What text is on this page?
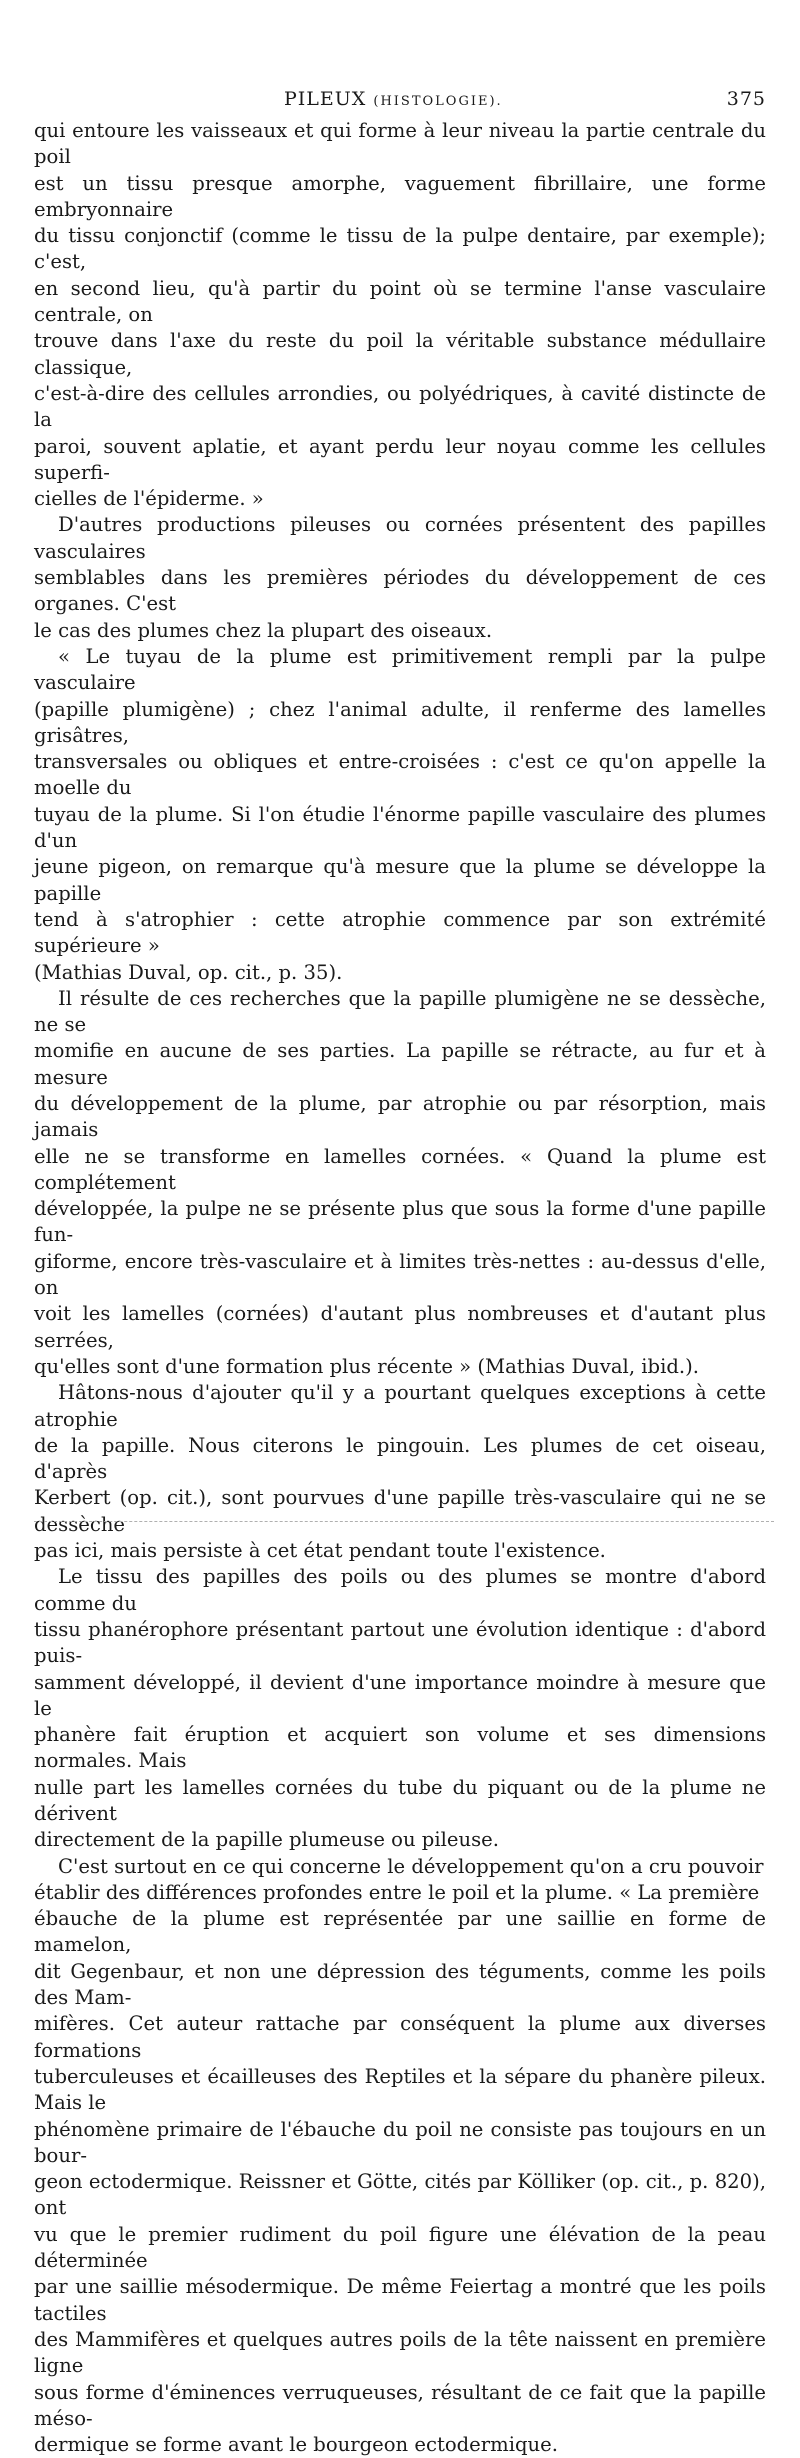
PILEUX (HISTOLOGIE).	375

qui entoure les vaisseaux et qui forme à leur niveau la partie centrale du poil
est un tissu presque amorphe, vaguement fibrillaire, une forme embryonnaire
du tissu conjonctif (comme le tissu de la pulpe dentaire, par exemple); c'est,
en second lieu, qu'à partir du point où se termine l'anse vasculaire centrale, on
trouve dans l'axe du reste du poil la véritable substance médullaire classique,
c'est-à-dire des cellules arrondies, ou polyédriques, à cavité distincte de la
paroi, souvent aplatie, et ayant perdu leur noyau comme les cellules superfi-
cielles de l'épiderme. »

D'autres productions pileuses ou cornées présentent des papilles vasculaires
semblables dans les premières périodes du développement de ces organes. C'est
le cas des plumes chez la plupart des oiseaux.

« Le tuyau de la plume est primitivement rempli par la pulpe vasculaire
(papille plumigène) ; chez l'animal adulte, il renferme des lamelles grisâtres,
transversales ou obliques et entre-croisées : c'est ce qu'on appelle la moelle du
tuyau de la plume. Si l'on étudie l'énorme papille vasculaire des plumes d'un
jeune pigeon, on remarque qu'à mesure que la plume se développe la papille
tend à s'atrophier : cette atrophie commence par son extrémité supérieure »
(Mathias Duval, op. cit., p. 35).

Il résulte de ces recherches que la papille plumigène ne se dessèche, ne se
momifie en aucune de ses parties. La papille se rétracte, au fur et à mesure
du développement de la plume, par atrophie ou par résorption, mais jamais
elle ne se transforme en lamelles cornées. « Quand la plume est complétement
développée, la pulpe ne se présente plus que sous la forme d'une papille fun-
giforme, encore très-vasculaire et à limites très-nettes : au-dessus d'elle, on
voit les lamelles (cornées) d'autant plus nombreuses et d'autant plus serrées,
qu'elles sont d'une formation plus récente » (Mathias Duval, ibid.).

Hâtons-nous d'ajouter qu'il y a pourtant quelques exceptions à cette atrophie
de la papille. Nous citerons le pingouin. Les plumes de cet oiseau, d'après
Kerbert (op. cit.), sont pourvues d'une papille très-vasculaire qui ne se dessèche
pas ici, mais persiste à cet état pendant toute l'existence.

Le tissu des papilles des poils ou des plumes se montre d'abord comme du
tissu phanérophore présentant partout une évolution identique : d'abord puis-
samment développé, il devient d'une importance moindre à mesure que le
phanère fait éruption et acquiert son volume et ses dimensions normales. Mais
nulle part les lamelles cornées du tube du piquant ou de la plume ne dérivent
directement de la papille plumeuse ou pileuse.

C'est surtout en ce qui concerne le développement qu'on a cru pouvoir
établir des différences profondes entre le poil et la plume. « La première
ébauche de la plume est représentée par une saillie en forme de mamelon,
dit Gegenbaur, et non une dépression des téguments, comme les poils des Mam-
mifères. Cet auteur rattache par conséquent la plume aux diverses formations
tuberculeuses et écailleuses des Reptiles et la sépare du phanère pileux. Mais le
phénomène primaire de l'ébauche du poil ne consiste pas toujours en un bour-
geon ectodermique. Reissner et Götte, cités par Kölliker (op. cit., p. 820), ont
vu que le premier rudiment du poil figure une élévation de la peau déterminée
par une saillie mésodermique. De même Feiertag a montré que les poils tactiles
des Mammifères et quelques autres poils de la tête naissent en première ligne
sous forme d'éminences verruqueuses, résultant de ce fait que la papille méso-
dermique se forme avant le bourgeon ectodermique.
